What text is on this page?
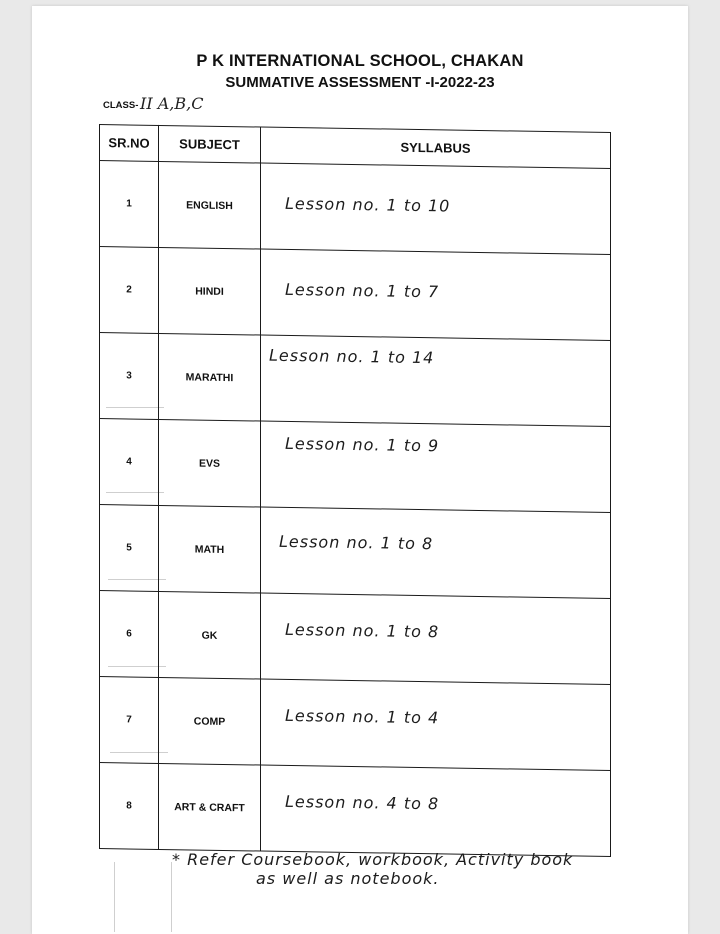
P K INTERNATIONAL SCHOOL, CHAKAN
SUMMATIVE ASSESSMENT -I-2022-23
CLASS- II A,B,C
SR.NO	SUBJECT	SYLLABUS
1	ENGLISH	Lesson no. 1 to 10
2	HINDI	Lesson no. 1 to 7
3	MARATHI	Lesson no. 1 to 14
4	EVS	Lesson no. 1 to 9
5	MATH	Lesson no. 1 to 8
6	GK	Lesson no. 1 to 8
7	COMP	Lesson no. 1 to 4
8	ART & CRAFT	Lesson no. 4 to 8
* Refer Coursebook, workbook, Activity book
as well as notebook.
